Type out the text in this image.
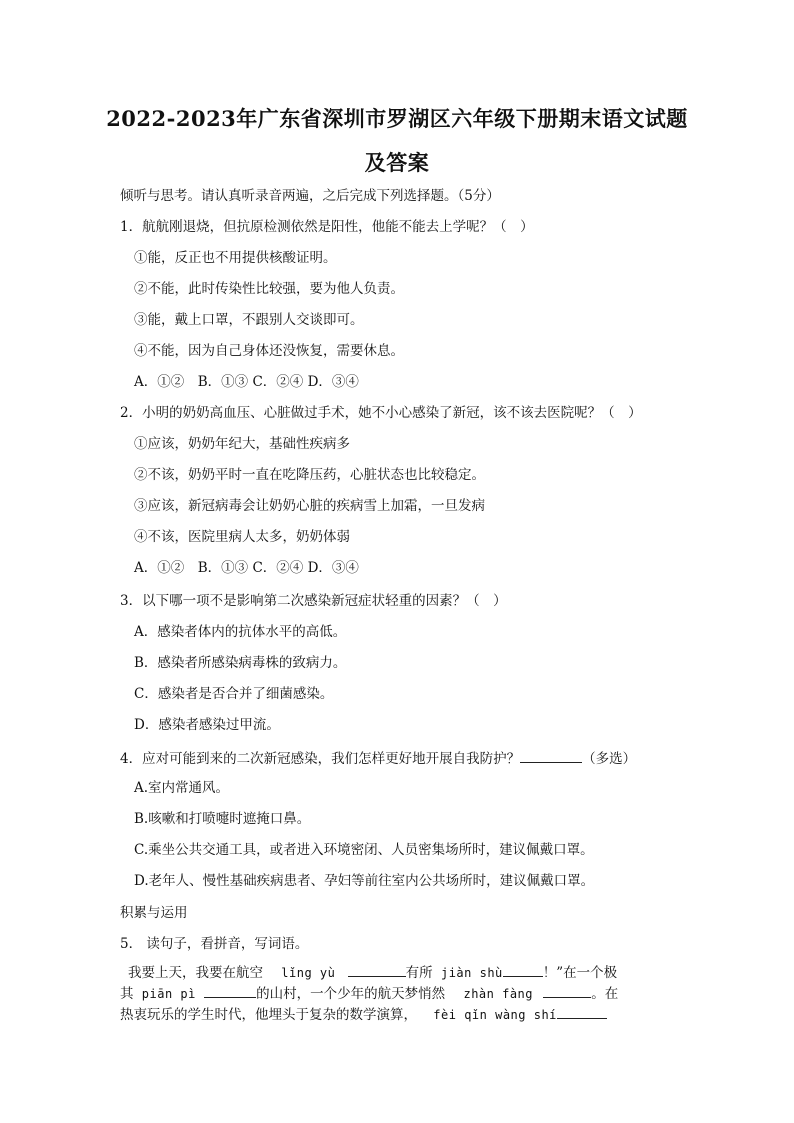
2022-2023年广东省深圳市罗湖区六年级下册期末语文试题
及答案
倾听与思考。请认真听录音两遍，之后完成下列选择题。（5分）
1．航航刚退烧，但抗原检测依然是阳性，他能不能去上学呢？（　）
①能，反正也不用提供核酸证明。
②不能，此时传染性比较强，要为他人负责。
③能，戴上口罩，不跟别人交谈即可。
④不能，因为自己身体还没恢复，需要休息。
A．①②　B．①③ C．②④ D．③④
2．小明的奶奶高血压、心脏做过手术，她不小心感染了新冠，该不该去医院呢？（　）
①应该，奶奶年纪大，基础性疾病多
②不该，奶奶平时一直在吃降压药，心脏状态也比较稳定。
③应该，新冠病毒会让奶奶心脏的疾病雪上加霜，一旦发病
④不该，医院里病人太多，奶奶体弱
A．①②　B．①③ C．②④ D．③④
3．以下哪一项不是影响第二次感染新冠症状轻重的因素？（　）
A．感染者体内的抗体水平的高低。
B．感染者所感染病毒株的致病力。
C．感染者是否合并了细菌感染。
D．感染者感染过甲流。
4．应对可能到来的二次新冠感染，我们怎样更好地开展自我防护？	（多选）
A.室内常通风。
B.咳嗽和打喷嚏时遮掩口鼻。
C.乘坐公共交通工具，或者进入环境密闭、人员密集场所时，建议佩戴口罩。
D.老年人、慢性基础疾病患者、孕妇等前往室内公共场所时，建议佩戴口罩。
积累与运用
5． 读句子，看拼音，写词语。
我要上天，我要在航空 lǐng yù	有所 jiàn shù	！”在一个极
其 piān pì	的山村，一个少年的航天梦悄然 zhàn fàng	。在
热衷玩乐的学生时代，他埋头于复杂的数学演算， fèi qǐn wàng shí
